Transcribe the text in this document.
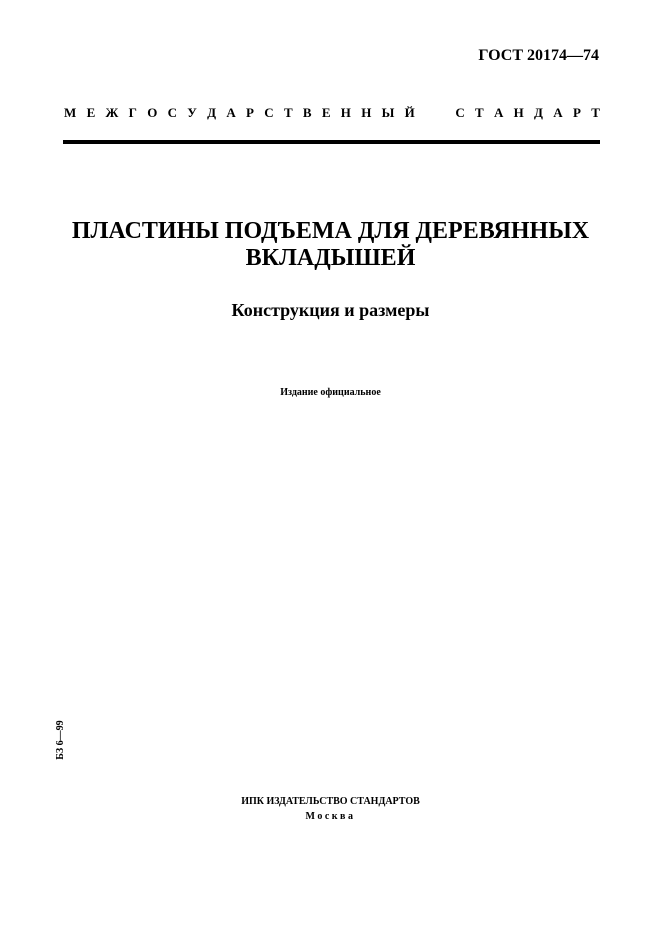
ГОСТ 20174—74
М Е Ж Г О С У Д А Р С Т В Е Н Н Ы Й	С Т А Н Д А Р Т
ПЛАСТИНЫ ПОДЪЕМА ДЛЯ ДЕРЕВЯННЫХ
ВКЛАДЫШЕЙ
Конструкция и размеры
Издание официальное
БЗ 6—99
ИПК ИЗДАТЕЛЬСТВО СТАНДАРТОВ
Москва
